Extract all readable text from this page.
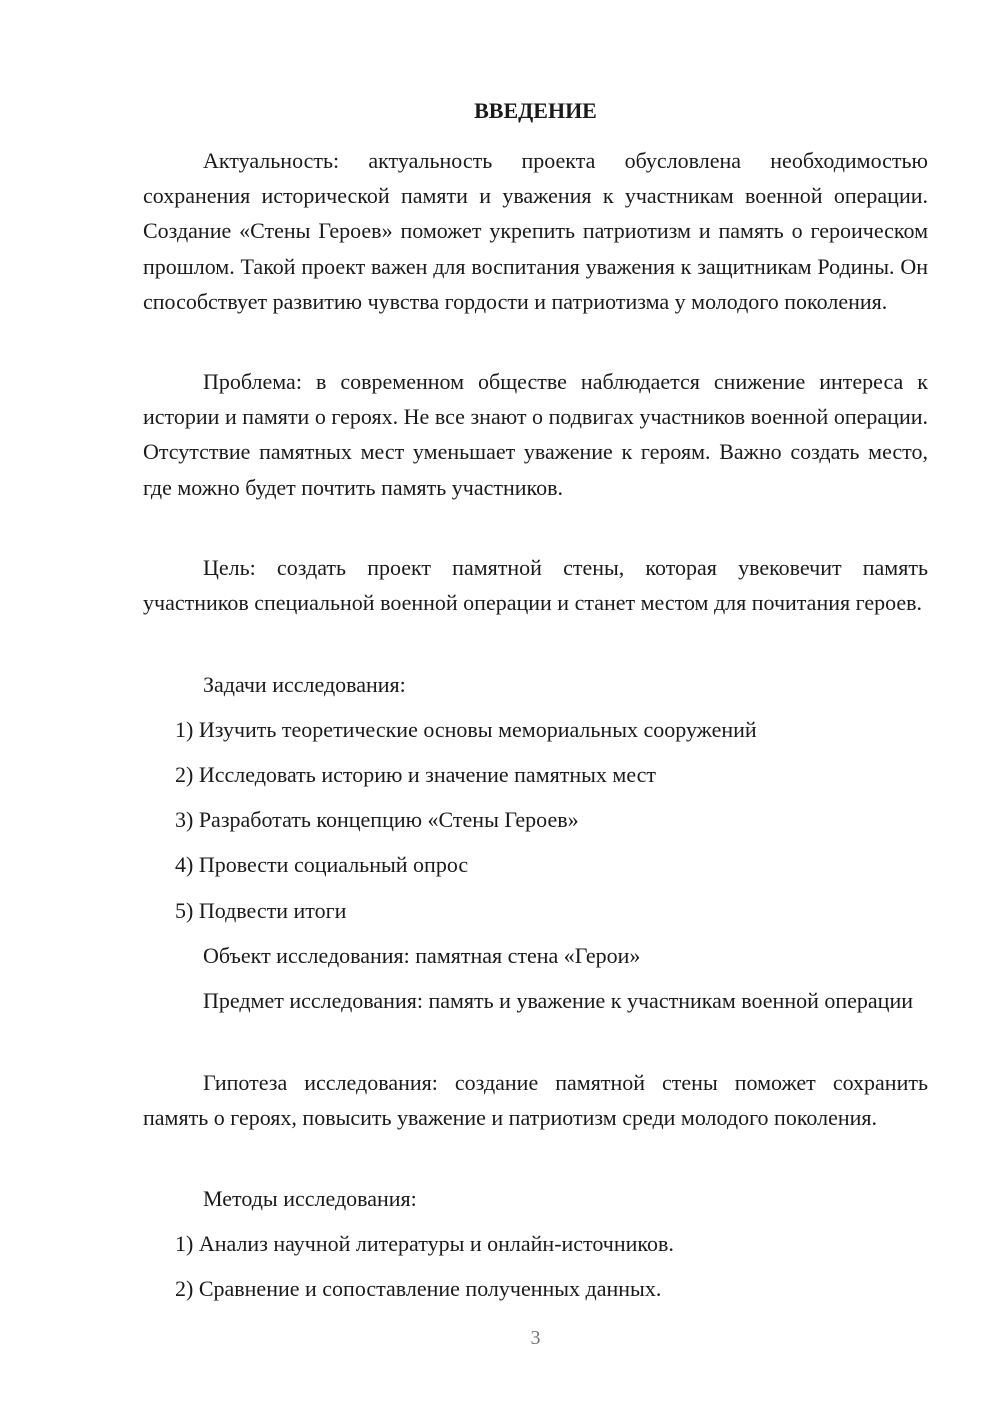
ВВЕДЕНИЕ

Актуальность: актуальность проекта обусловлена необходимостью сохранения исторической памяти и уважения к участникам военной операции. Создание «Стены Героев» поможет укрепить патриотизм и память о героическом прошлом. Такой проект важен для воспитания уважения к защитникам Родины. Он способствует развитию чувства гордости и патриотизма у молодого поколения.

Проблема: в современном обществе наблюдается снижение интереса к истории и памяти о героях. Не все знают о подвигах участников военной операции. Отсутствие памятных мест уменьшает уважение к героям. Важно создать место, где можно будет почтить память участников.

Цель: создать проект памятной стены, которая увековечит память участников специальной военной операции и станет местом для почитания героев.

Задачи исследования:

1) Изучить теоретические основы мемориальных сооружений

2) Исследовать историю и значение памятных мест

3) Разработать концепцию «Стены Героев»

4) Провести социальный опрос

5) Подвести итоги

Объект исследования: памятная стена «Герои»

Предмет исследования: память и уважение к участникам военной операции

Гипотеза исследования: создание памятной стены поможет сохранить память о героях, повысить уважение и патриотизм среди молодого поколения.

Методы исследования:

1) Анализ научной литературы и онлайн-источников.

2) Сравнение и сопоставление полученных данных.

3
